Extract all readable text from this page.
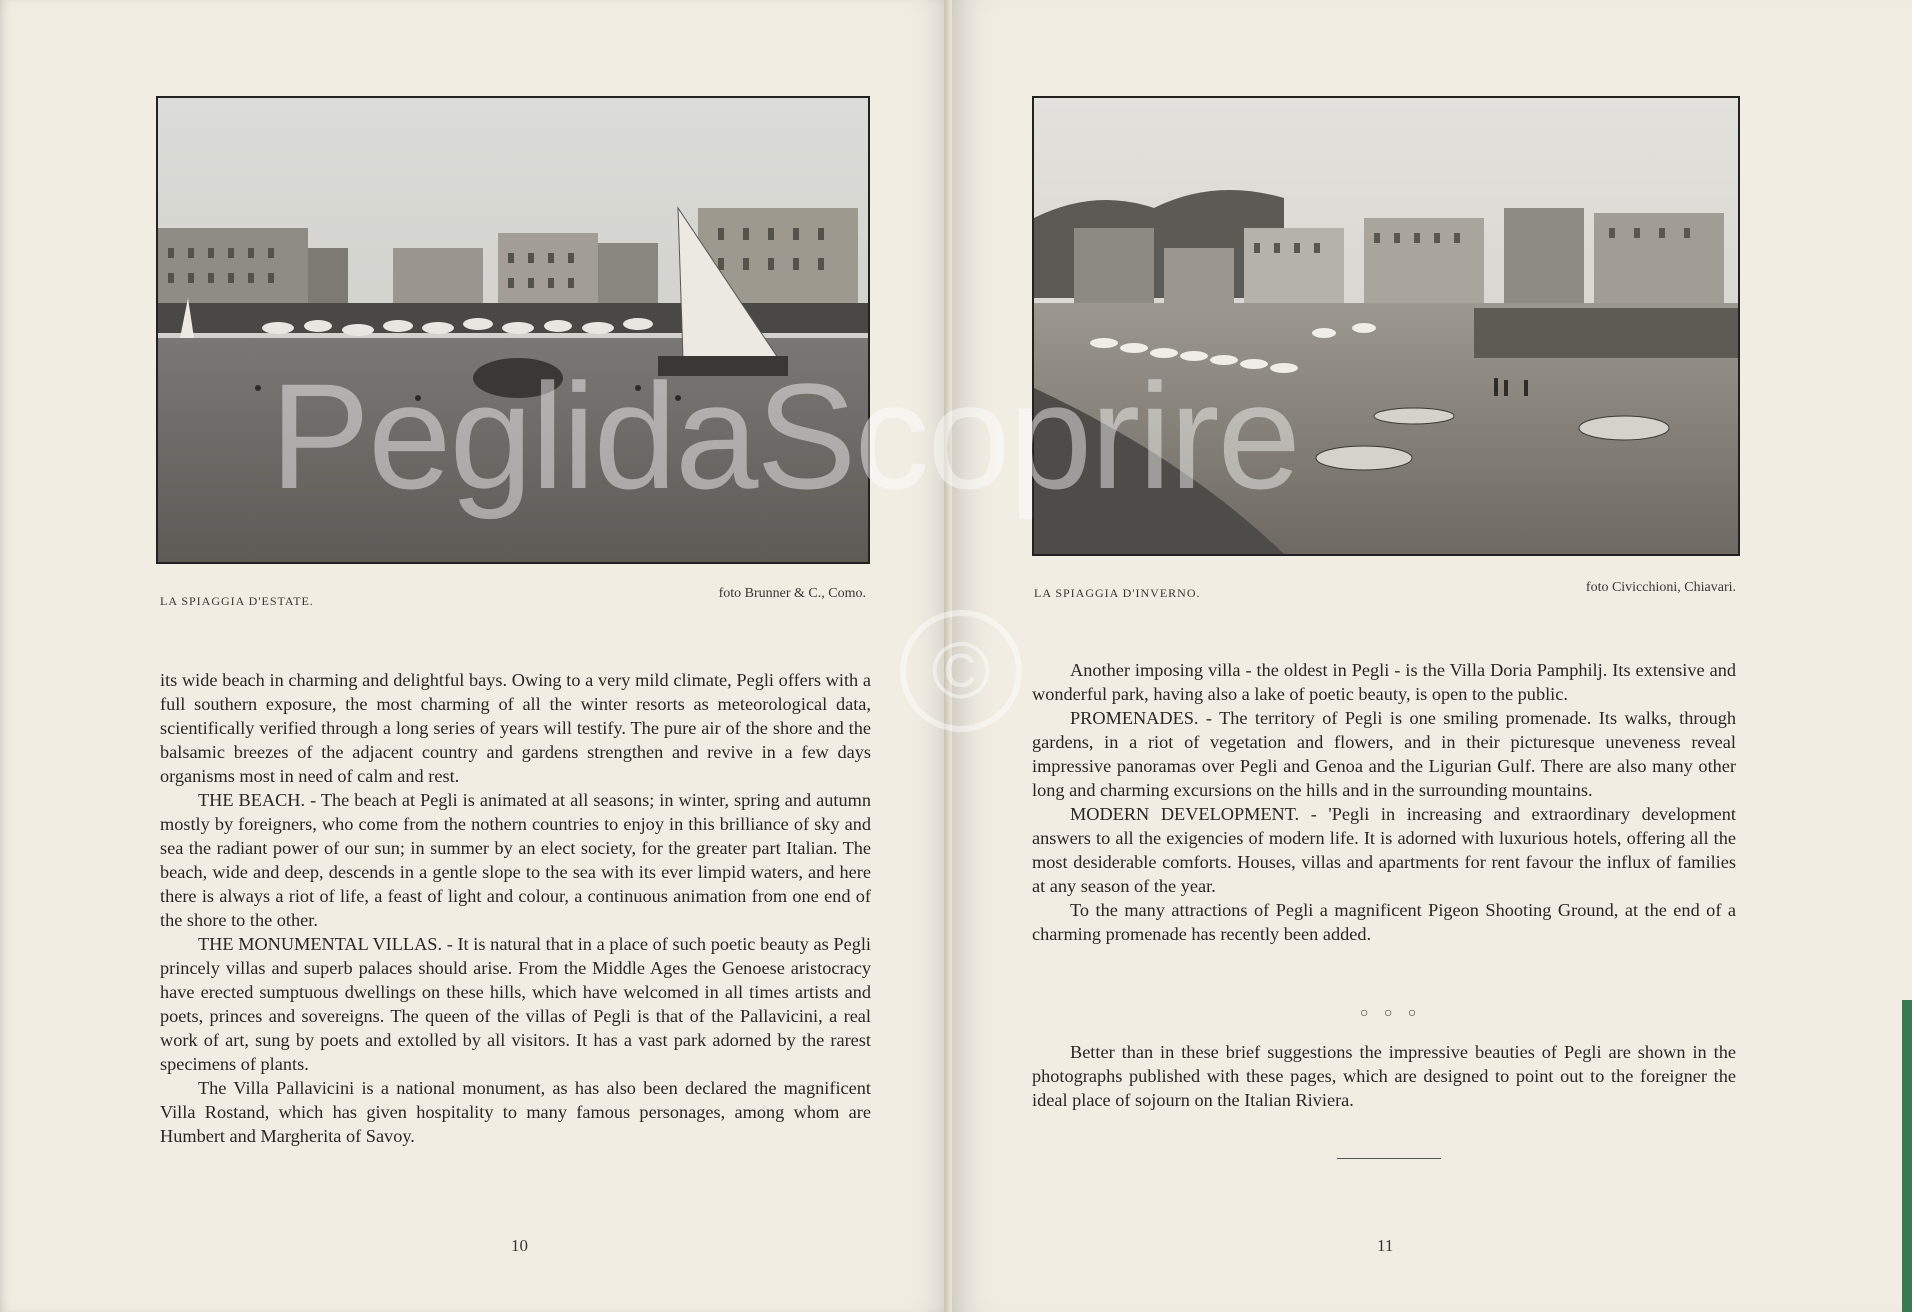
LA SPIAGGIA D'ESTATE.	foto Brunner & C., Como.

its wide beach in charming and delightful bays. Owing to a very mild climate, Pegli offers with a full southern exposure, the most charming of all the winter resorts as meteorological data, scientifically verified through a long series of years will testify. The pure air of the shore and the balsamic breezes of the adjacent country and gardens strengthen and revive in a few days organisms most in need of calm and rest.

THE BEACH. - The beach at Pegli is animated at all seasons; in winter, spring and autumn mostly by foreigners, who come from the nothern countries to enjoy in this brilliance of sky and sea the radiant power of our sun; in summer by an elect society, for the greater part Italian. The beach, wide and deep, descends in a gentle slope to the sea with its ever limpid waters, and here there is always a riot of life, a feast of light and colour, a continuous animation from one end of the shore to the other.

THE MONUMENTAL VILLAS. - It is natural that in a place of such poetic beauty as Pegli princely villas and superb palaces should arise. From the Middle Ages the Genoese aristocracy have erected sumptuous dwellings on these hills, which have welcomed in all times artists and poets, princes and sovereigns. The queen of the villas of Pegli is that of the Pallavicini, a real work of art, sung by poets and extolled by all visitors. It has a vast park adorned by the rarest specimens of plants.

The Villa Pallavicini is a national monument, as has also been declared the magnificent Villa Rostand, which has given hospitality to many famous personages, among whom are Humbert and Margherita of Savoy.

10
LA SPIAGGIA D'INVERNO.	foto Civicchioni, Chiavari.

Another imposing villa - the oldest in Pegli - is the Villa Doria Pamphilj. Its extensive and wonderful park, having also a lake of poetic beauty, is open to the public.

PROMENADES. - The territory of Pegli is one smiling promenade. Its walks, through gardens, in a riot of vegetation and flowers, and in their picturesque uneveness reveal impressive panoramas over Pegli and Genoa and the Ligurian Gulf. There are also many other long and charming excursions on the hills and in the surrounding mountains.

MODERN DEVELOPMENT. - 'Pegli in increasing and extraordinary development answers to all the exigencies of modern life. It is adorned with luxurious hotels, offering all the most desiderable comforts. Houses, villas and apartments for rent favour the influx of families at any season of the year.

To the many attractions of Pegli a magnificent Pigeon Shooting Ground, at the end of a charming promenade has recently been added.

○ ○ ○

Better than in these brief suggestions the impressive beauties of Pegli are shown in the photographs published with these pages, which are designed to point out to the foreigner the ideal place of sojourn on the Italian Riviera.

11
PeglidaScoprire
©
